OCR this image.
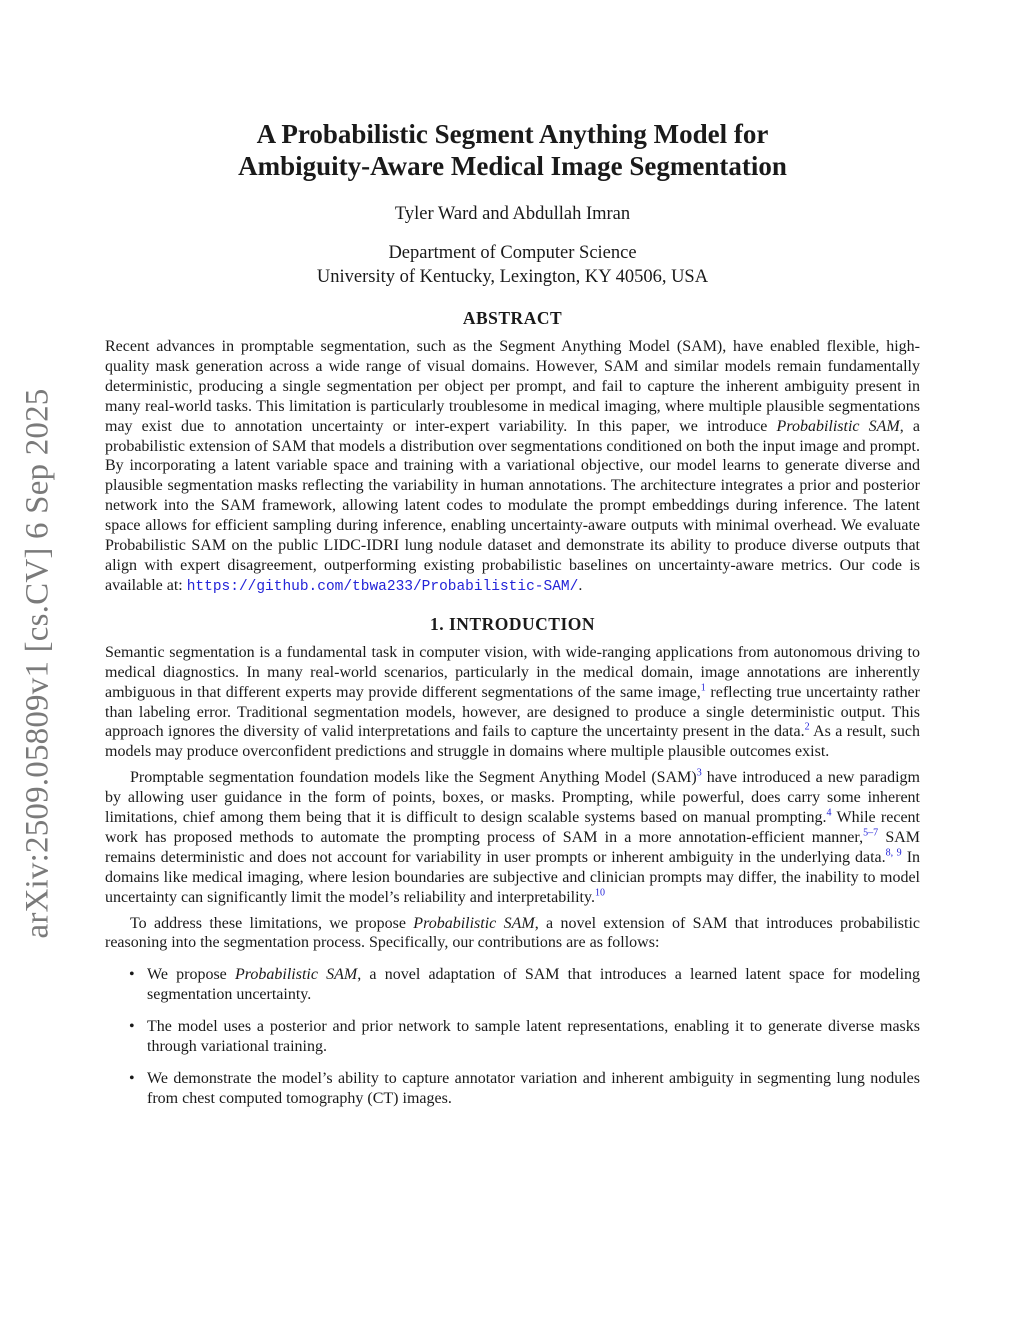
arXiv:2509.05809v1 [cs.CV] 6 Sep 2025
A Probabilistic Segment Anything Model for
Ambiguity-Aware Medical Image Segmentation
Tyler Ward and Abdullah Imran
Department of Computer Science
University of Kentucky, Lexington, KY 40506, USA
ABSTRACT

Recent advances in promptable segmentation, such as the Segment Anything Model (SAM), have enabled flexible, high-quality mask generation across a wide range of visual domains. However, SAM and similar models remain fundamentally deterministic, producing a single segmentation per object per prompt, and fail to capture the inherent ambiguity present in many real-world tasks. This limitation is particularly troublesome in medical imaging, where multiple plausible segmentations may exist due to annotation uncertainty or inter-expert variability. In this paper, we introduce Probabilistic SAM, a probabilistic extension of SAM that models a distribution over segmentations conditioned on both the input image and prompt. By incorporating a latent variable space and training with a variational objective, our model learns to generate diverse and plausible segmentation masks reflecting the variability in human annotations. The architecture integrates a prior and posterior network into the SAM framework, allowing latent codes to modulate the prompt embeddings during inference. The latent space allows for efficient sampling during inference, enabling uncertainty-aware outputs with minimal overhead. We evaluate Probabilistic SAM on the public LIDC-IDRI lung nodule dataset and demonstrate its ability to produce diverse outputs that align with expert disagreement, outperforming existing probabilistic baselines on uncertainty-aware metrics. Our code is available at: https://github.com/tbwa233/Probabilistic-SAM/.

1. INTRODUCTION

Semantic segmentation is a fundamental task in computer vision, with wide-ranging applications from autonomous driving to medical diagnostics. In many real-world scenarios, particularly in the medical domain, image annotations are inherently ambiguous in that different experts may provide different segmentations of the same image,$^1$ reflecting true uncertainty rather than labeling error. Traditional segmentation models, however, are designed to produce a single deterministic output. This approach ignores the diversity of valid interpretations and fails to capture the uncertainty present in the data.$^2$ As a result, such models may produce overconfident predictions and struggle in domains where multiple plausible outcomes exist.

Promptable segmentation foundation models like the Segment Anything Model (SAM)$^3$ have introduced a new paradigm by allowing user guidance in the form of points, boxes, or masks. Prompting, while powerful, does carry some inherent limitations, chief among them being that it is difficult to design scalable systems based on manual prompting.$^4$ While recent work has proposed methods to automate the prompting process of SAM in a more annotation-efficient manner,$^{5-7}$ SAM remains deterministic and does not account for variability in user prompts or inherent ambiguity in the underlying data.$^{8, 9}$ In domains like medical imaging, where lesion boundaries are subjective and clinician prompts may differ, the inability to model uncertainty can significantly limit the model’s reliability and interpretability.$^{10}$

To address these limitations, we propose Probabilistic SAM, a novel extension of SAM that introduces probabilistic reasoning into the segmentation process. Specifically, our contributions are as follows:

• We propose Probabilistic SAM, a novel adaptation of SAM that introduces a learned latent space for modeling segmentation uncertainty.
• The model uses a posterior and prior network to sample latent representations, enabling it to generate diverse masks through variational training.
• We demonstrate the model’s ability to capture annotator variation and inherent ambiguity in segmenting lung nodules from chest computed tomography (CT) images.
